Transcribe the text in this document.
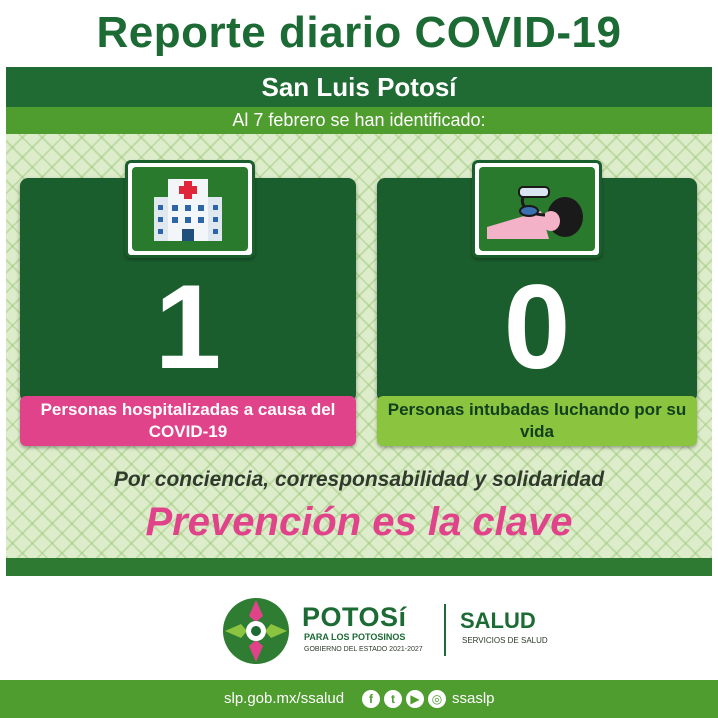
Reporte diario COVID-19
San Luis Potosí
Al 7 febrero se han identificado:
1
Personas hospitalizadas a causa del COVID-19
0
Personas intubadas luchando por su vida
Por conciencia, corresponsabilidad y solidaridad
Prevención es la clave
POTOSí
PARA LOS POTOSINOS
GOBIERNO DEL ESTADO 2021-2027
SALUD
SERVICIOS DE SALUD
slp.gob.mx/ssalud	f	t	▶	◎ ssaslp
